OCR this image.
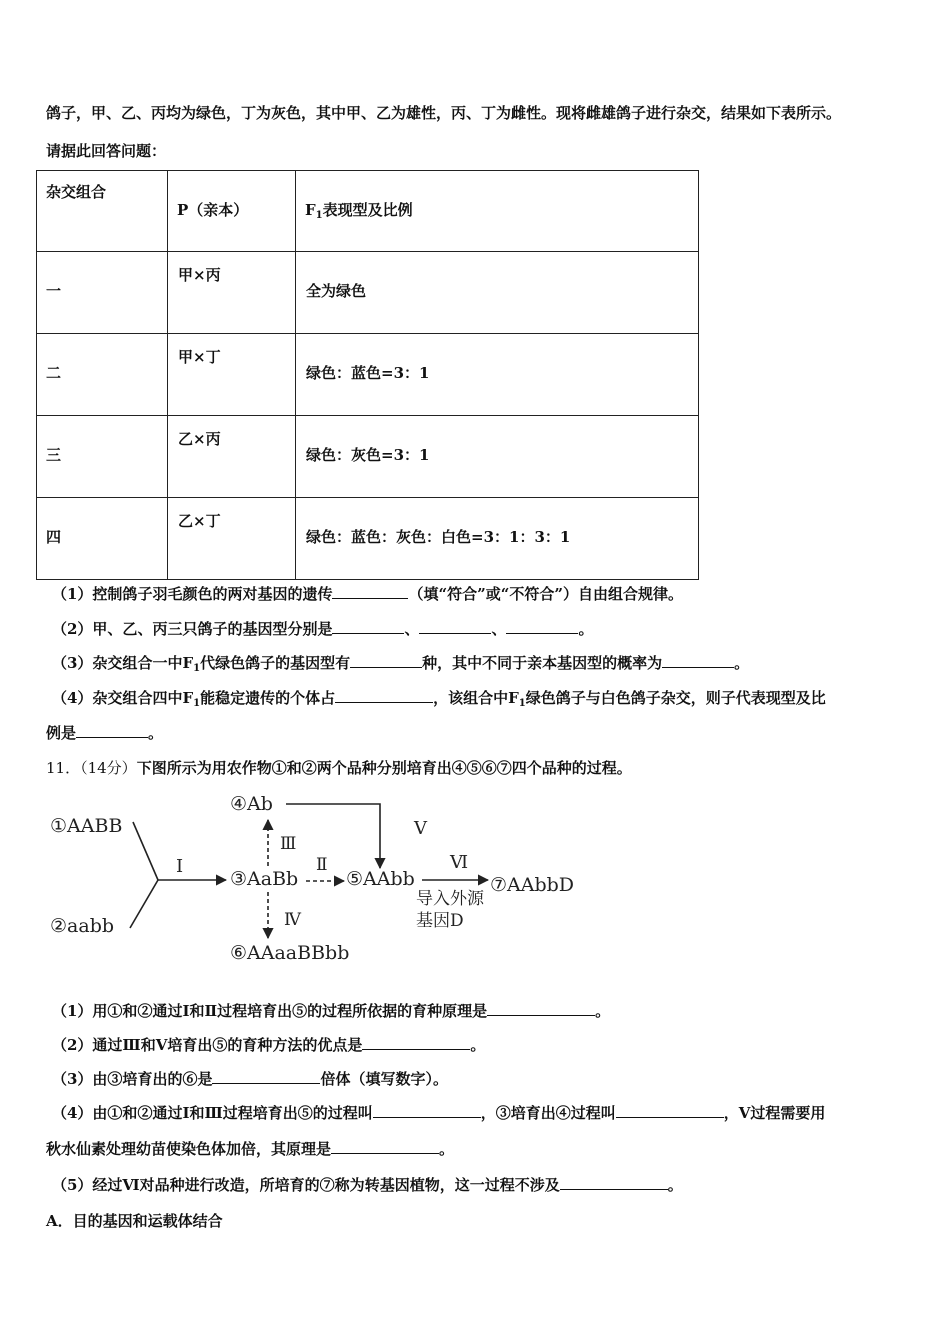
鸽子，甲、乙、丙均为绿色，丁为灰色，其中甲、乙为雄性，丙、丁为雌性。现将雌雄鸽子进行杂交，结果如下表所示。
请据此回答问题：
杂交组合	P（亲本）	$F_1$表现型及比例

一	甲×丙	全为绿色

二	甲×丁	绿色：蓝色=3：1

三	乙×丙	绿色：灰色=3：1

四	乙×丁	绿色：蓝色：灰色：白色=3：1：3：1
（1）控制鸽子羽毛颜色的两对基因的遗传	（填“符合”或“不符合”）自由组合规律。
（2）甲、乙、丙三只鸽子的基因型分别是	、	、	。
（3）杂交组合一中$F_1$代绿色鸽子的基因型有	种，其中不同于亲本基因型的概率为	。
（4）杂交组合四中$F_1$能稳定遗传的个体占	，该组合中$F_1$绿色鸽子与白色鸽子杂交，则子代表现型及比
例是	。
11．（14分）下图所示为用农作物①和②两个品种分别培育出④⑤⑥⑦四个品种的过程。
①AABB
②aabb
③AaBb
④Ab
⑤AAbb
⑥AAaaBBbb
⑦AAbbD
Ⅰ
Ⅲ
Ⅳ
Ⅱ
Ⅴ
Ⅵ
导入外源
基因D
（1）用①和②通过Ⅰ和Ⅱ过程培育出⑤的过程所依据的育种原理是	。
（2）通过Ⅲ和Ⅴ培育出⑤的育种方法的优点是	。
（3）由③培育出的⑥是	倍体（填写数字）。
（4）由①和②通过Ⅰ和Ⅲ过程培育出⑤的过程叫	，③培育出④过程叫	，Ⅴ过程需要用
秋水仙素处理幼苗使染色体加倍，其原理是	。
（5）经过Ⅵ对品种进行改造，所培育的⑦称为转基因植物，这一过程不涉及	。
A．目的基因和运载体结合
